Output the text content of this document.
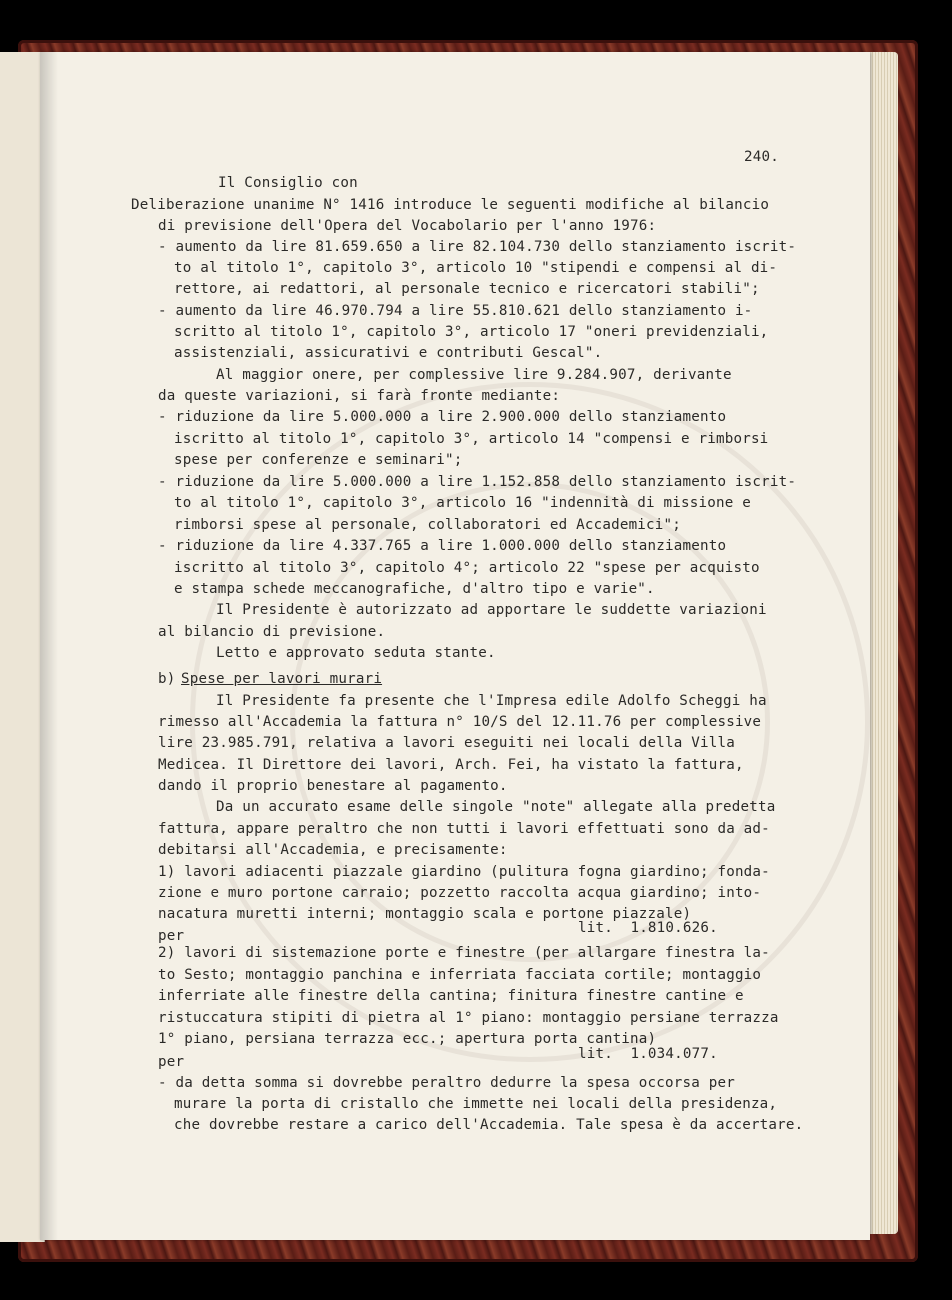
240.
Il Consiglio con
Deliberazione unanime N° 1416 introduce le seguenti modifiche al bilancio
di previsione dell'Opera del Vocabolario per l'anno 1976:
- aumento da lire 81.659.650 a lire 82.104.730 dello stanziamento iscrit-
to al titolo 1°, capitolo 3°, articolo 10 "stipendi e compensi al di-
rettore, ai redattori, al personale tecnico e ricercatori stabili";
- aumento da lire 46.970.794 a lire 55.810.621 dello stanziamento i-
scritto al titolo 1°, capitolo 3°, articolo 17 "oneri previdenziali,
assistenziali, assicurativi e contributi Gescal".
Al maggior onere, per complessive lire 9.284.907, derivante
da queste variazioni, si farà fronte mediante:
- riduzione da lire 5.000.000 a lire 2.900.000 dello stanziamento
iscritto al titolo 1°, capitolo 3°, articolo 14 "compensi e rimborsi
spese per conferenze e seminari";
- riduzione da lire 5.000.000 a lire 1.152.858 dello stanziamento iscrit-
to al titolo 1°, capitolo 3°, articolo 16 "indennità di missione e
rimborsi spese al personale, collaboratori ed Accademici";
- riduzione da lire 4.337.765 a lire 1.000.000 dello stanziamento
iscritto al titolo 3°, capitolo 4°; articolo 22 "spese per acquisto
e stampa schede meccanografiche, d'altro tipo e varie".
Il Presidente è autorizzato ad apportare le suddette variazioni
al bilancio di previsione.
Letto e approvato seduta stante.
b) Spese per lavori murari
Il Presidente fa presente che l'Impresa edile Adolfo Scheggi ha
rimesso all'Accademia la fattura n° 10/S del 12.11.76 per complessive
lire 23.985.791, relativa a lavori eseguiti nei locali della Villa
Medicea. Il Direttore dei lavori, Arch. Fei, ha vistato la fattura,
dando il proprio benestare al pagamento.
Da un accurato esame delle singole "note" allegate alla predetta
fattura, appare peraltro che non tutti i lavori effettuati sono da ad-
debitarsi all'Accademia, e precisamente:
1) lavori adiacenti piazzale giardino (pulitura fogna giardino; fonda-
zione e muro portone carraio; pozzetto raccolta acqua giardino; into-
nacatura muretti interni; montaggio scala e portone piazzale)
per	lit.  1.810.626.
2) lavori di sistemazione porte e finestre (per allargare finestra la-
to Sesto; montaggio panchina e inferriata facciata cortile; montaggio
inferriate alle finestre della cantina; finitura finestre cantine e
ristuccatura stipiti di pietra al 1° piano: montaggio persiane terrazza
1° piano, persiana terrazza ecc.; apertura porta cantina)
per	lit.  1.034.077.
- da detta somma si dovrebbe peraltro dedurre la spesa occorsa per
murare la porta di cristallo che immette nei locali della presidenza,
che dovrebbe restare a carico dell'Accademia. Tale spesa è da accertare.
